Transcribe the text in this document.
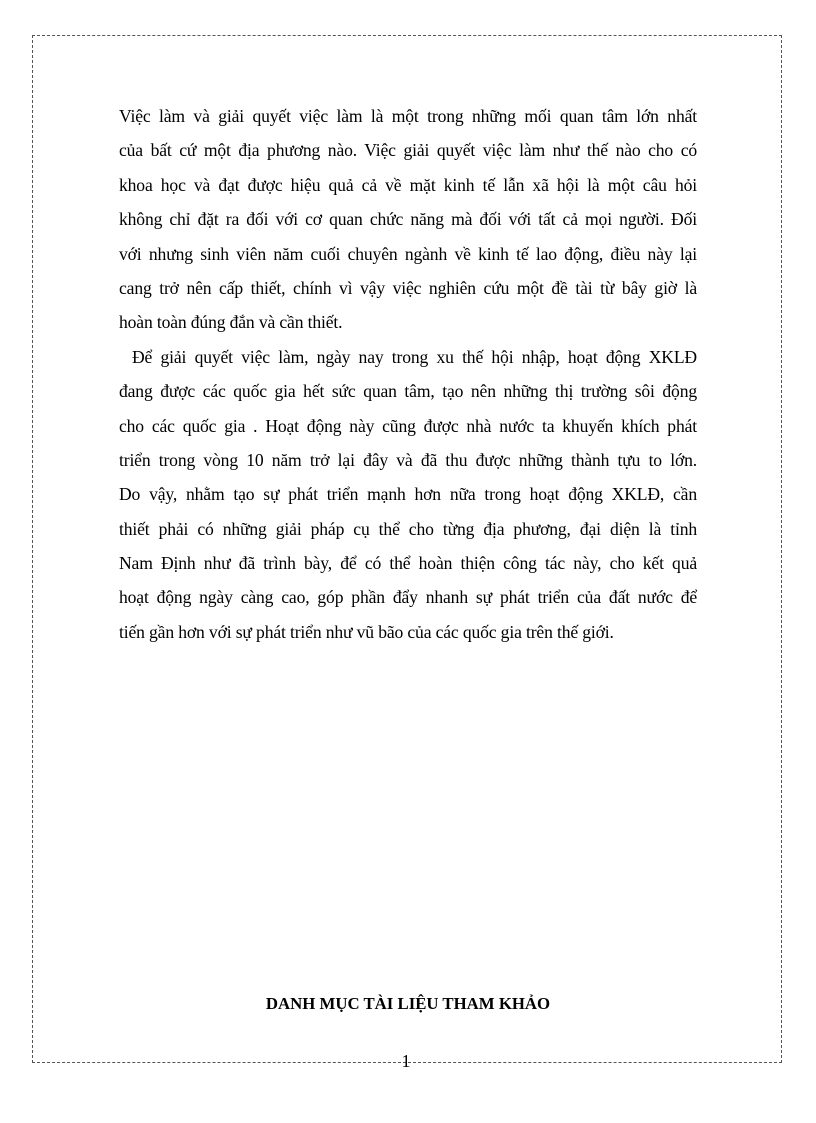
Việc làm và giải quyết việc làm là một trong những mối quan tâm lớn nhất
của bất cứ một địa phương nào. Việc giải quyết việc làm như thế nào cho có
khoa học và đạt được hiệu quả cả về mặt kinh tế lẫn xã hội là một câu hỏi
không chỉ đặt ra đối với cơ quan chức năng mà đối với tất cả mọi người. Đối
với nhưng sinh viên năm cuối chuyên ngành về kinh tế lao động, điều này lại
cang trở nên cấp thiết, chính vì vậy việc nghiên cứu một đề tài từ bây giờ là
hoàn toàn đúng đắn và cần thiết.
Để giải quyết việc làm, ngày nay trong xu thế hội nhập, hoạt động XKLĐ
đang được các quốc gia hết sức quan tâm, tạo nên những thị trường sôi động
cho các quốc gia . Hoạt động này cũng được nhà nước ta khuyến khích phát
triển trong vòng 10 năm trở lại đây và đã thu được những thành tựu to lớn.
Do vậy, nhằm tạo sự phát triển mạnh hơn nữa trong hoạt động XKLĐ, cần
thiết phải có những giải pháp cụ thể cho từng địa phương, đại diện là tỉnh
Nam Định như đã trình bày, để có thể hoàn thiện công tác này, cho kết quả
hoạt động ngày càng cao, góp phần đẩy nhanh sự phát triển của đất nước để
tiến gần hơn với sự phát triển như vũ bão của các quốc gia trên thế giới.
DANH MỤC TÀI LIỆU THAM KHẢO
1
